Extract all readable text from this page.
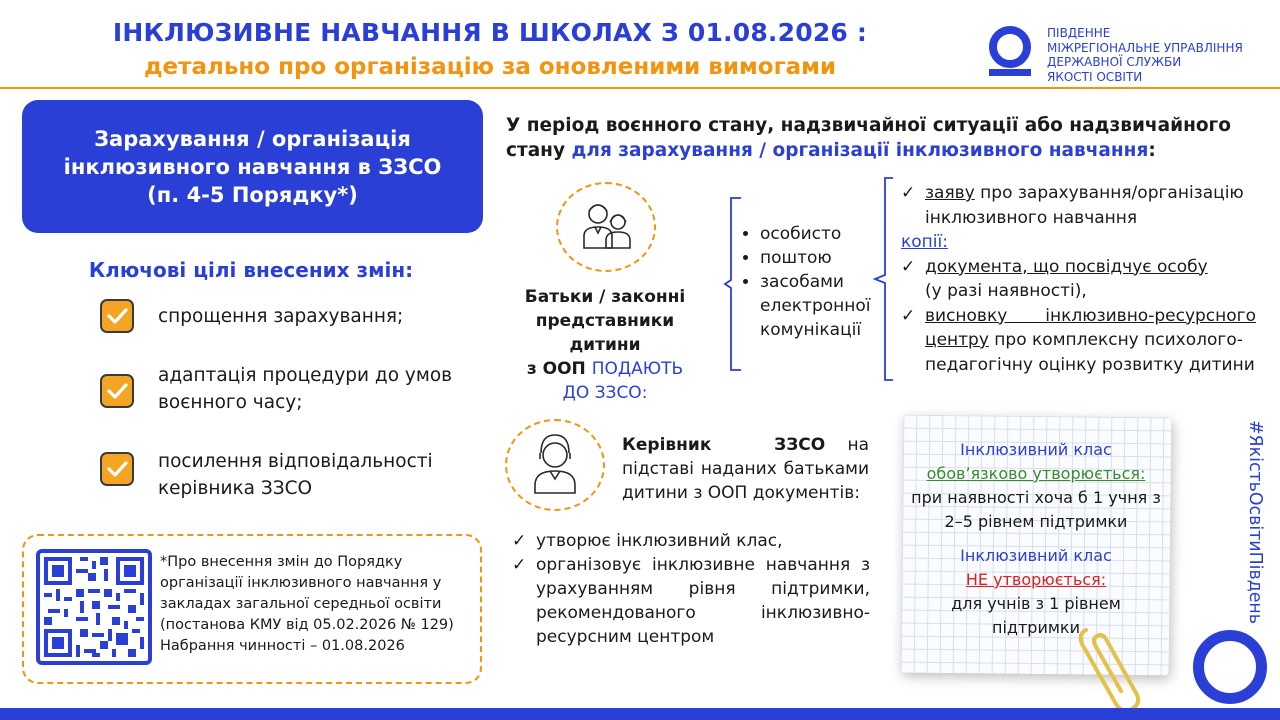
ІНКЛЮЗИВНЕ НАВЧАННЯ В ШКОЛАХ З 01.08.2026 :
детально про організацію за оновленими вимогами
ПІВДЕННЕ
МІЖРЕГІОНАЛЬНЕ УПРАВЛІННЯ
ДЕРЖАВНОЇ СЛУЖБИ
ЯКОСТІ ОСВІТИ
Зарахування / організація
інклюзивного навчання в ЗЗСО
(п. 4-5 Порядку*)
Ключові цілі внесених змін:
спрощення зарахування;
адаптація процедури до умов
воєнного часу;
посилення відповідальності
керівника ЗЗСО
*Про внесення змін до Порядку
організації інклюзивного навчання у
закладах загальної середньої освіти
(постанова КМУ від 05.02.2026 № 129)
Набрання чинності – 01.08.2026
У період воєнного стану, надзвичайної ситуації або надзвичайного стану для зарахування / організації інклюзивного навчання:
Батьки / законні
представники дитини
з ООП ПОДАЮТЬ
ДО ЗЗСО:
• особисто
• поштою
• засобами електронної комунікації
✓ заяву про зарахування/організацію
інклюзивного навчання
копії:
✓ документа, що посвідчує особу
(у разі наявності),
✓ висновку інклюзивно-ресурсного
центру про комплексну психолого-
педагогічну оцінку розвитку дитини
Керівник ЗЗСО на підставі наданих батьками дитини з ООП документів:
✓ утворює інклюзивний клас,
✓ організовує інклюзивне навчання з урахуванням рівня підтримки, рекомендованого інклюзивно-ресурсним центром
Інклюзивний клас
обов’язково утворюється:
при наявності хоча б 1 учня з
2–5 рівнем підтримки
Інклюзивний клас
НЕ утворюється:
для учнів з 1 рівнем
підтримки	#ЯкістьОсвітиПівдень
